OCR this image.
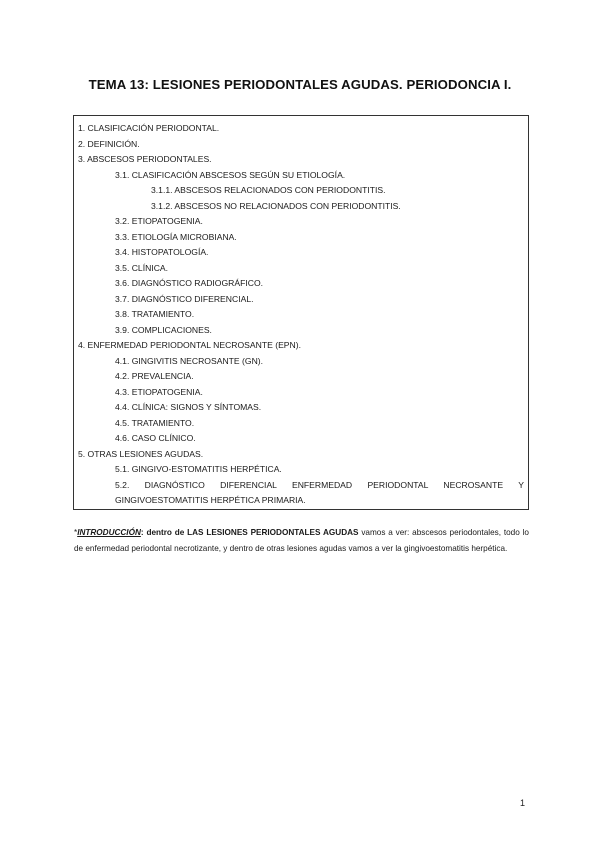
TEMA 13: LESIONES PERIODONTALES AGUDAS. PERIODONCIA I.
1. CLASIFICACIÓN PERIODONTAL.
2. DEFINICIÓN.
3. ABSCESOS PERIODONTALES.
3.1. CLASIFICACIÓN ABSCESOS SEGÚN SU ETIOLOGÍA.
3.1.1. ABSCESOS RELACIONADOS CON PERIODONTITIS.
3.1.2. ABSCESOS NO RELACIONADOS CON PERIODONTITIS.
3.2. ETIOPATOGENIA.
3.3. ETIOLOGÍA MICROBIANA.
3.4. HISTOPATOLOGÍA.
3.5. CLÍNICA.
3.6. DIAGNÓSTICO RADIOGRÁFICO.
3.7. DIAGNÓSTICO DIFERENCIAL.
3.8. TRATAMIENTO.
3.9. COMPLICACIONES.
4. ENFERMEDAD PERIODONTAL NECROSANTE (EPN).
4.1. GINGIVITIS NECROSANTE (GN).
4.2. PREVALENCIA.
4.3. ETIOPATOGENIA.
4.4. CLÍNICA: SIGNOS Y SÍNTOMAS.
4.5. TRATAMIENTO.
4.6. CASO CLÍNICO.
5. OTRAS LESIONES AGUDAS.
5.1. GINGIVO-ESTOMATITIS HERPÉTICA.
5.2. DIAGNÓSTICO DIFERENCIAL ENFERMEDAD PERIODONTAL NECROSANTE Y
GINGIVOESTOMATITIS HERPÉTICA PRIMARIA.
*INTRODUCCIÓN: dentro de LAS LESIONES PERIODONTALES AGUDAS vamos a ver: abscesos periodontales, todo lo de enfermedad periodontal necrotizante, y dentro de otras lesiones agudas vamos a ver la gingivoestomatitis herpética.
1
